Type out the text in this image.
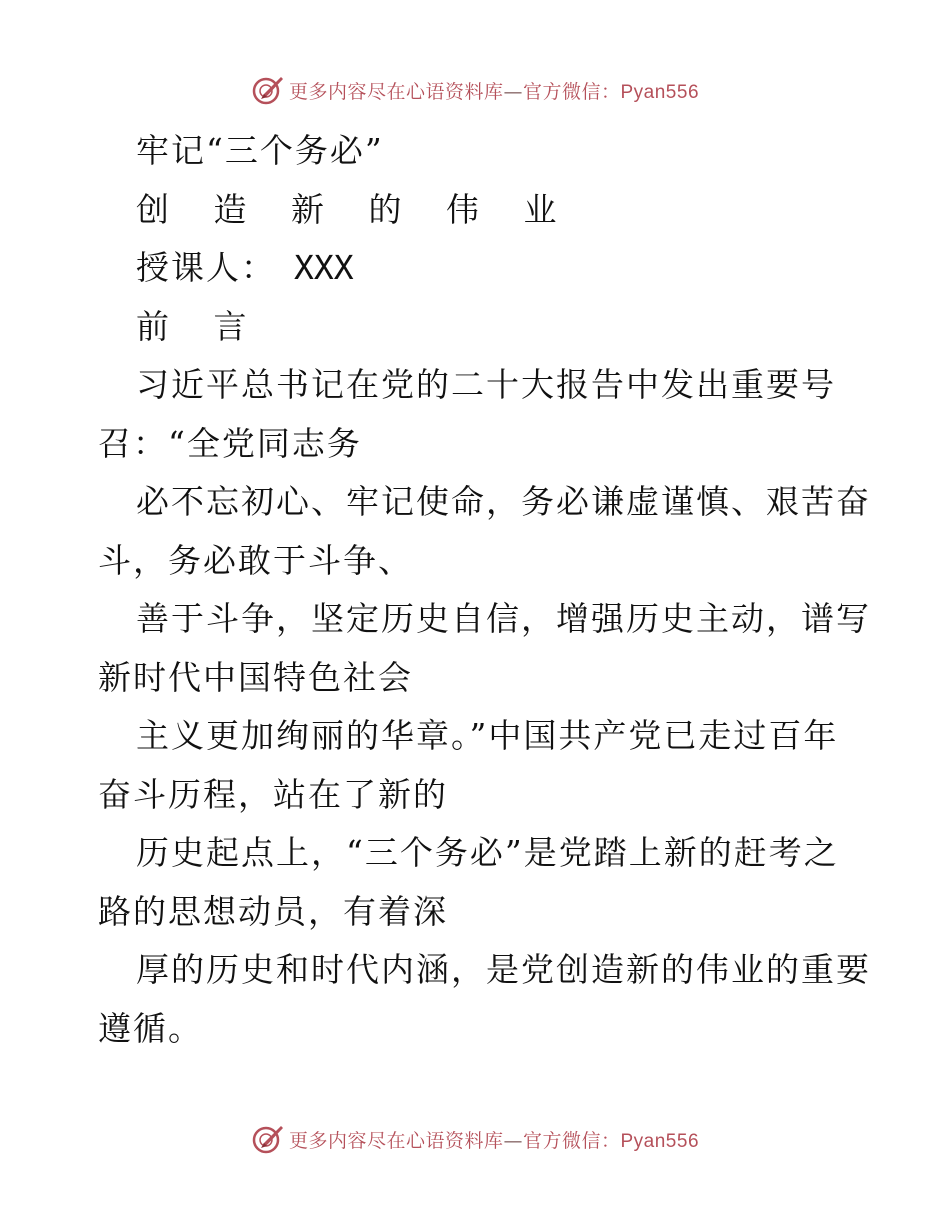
更多内容尽在心语资料库—官方微信：Pyan556
牢记“三个务必”
创 造 新 的 伟 业
授课人： XXX
前 言
习近平总书记在党的二十大报告中发出重要号
召：“全党同志务
必不忘初心、牢记使命，务必谦虚谨慎、艰苦奋
斗，务必敢于斗争、
善于斗争，坚定历史自信，增强历史主动，谱写
新时代中国特色社会
主义更加绚丽的华章。”中国共产党已走过百年
奋斗历程，站在了新的
历史起点上，“三个务必”是党踏上新的赶考之
路的思想动员，有着深
厚的历史和时代内涵，是党创造新的伟业的重要
遵循。
更多内容尽在心语资料库—官方微信：Pyan556
